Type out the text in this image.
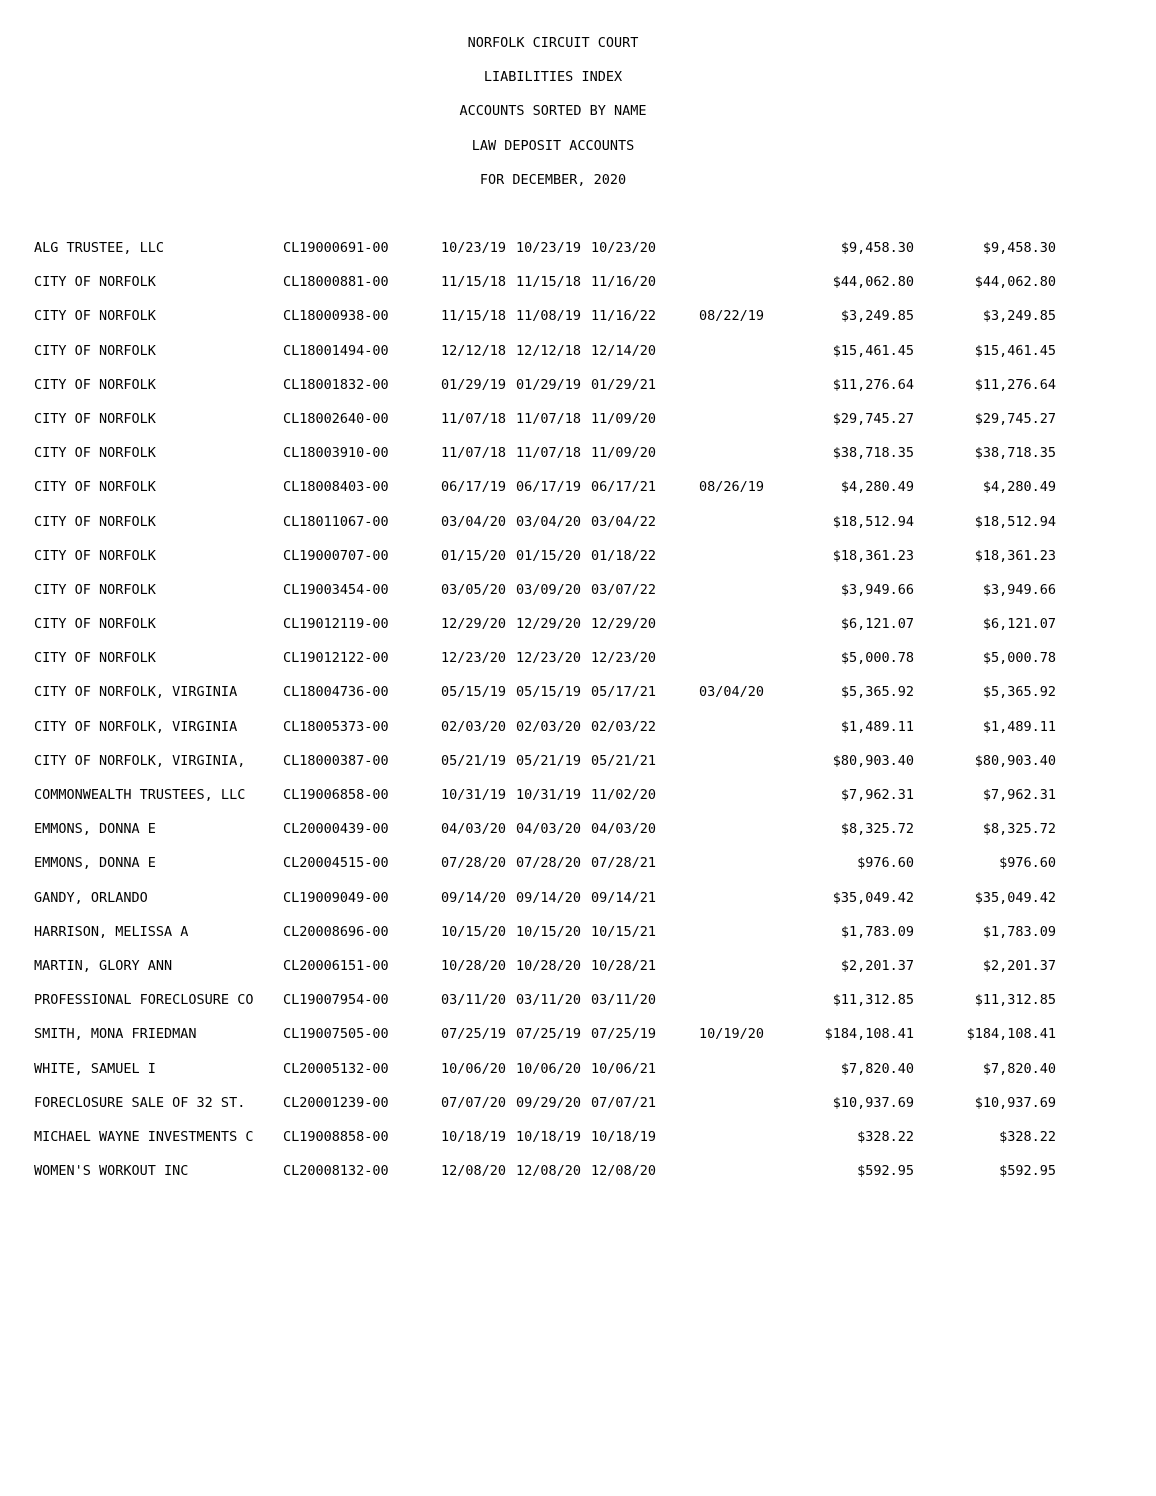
NORFOLK CIRCUIT COURT
LIABILITIES INDEX
ACCOUNTS SORTED BY NAME
LAW DEPOSIT ACCOUNTS
FOR DECEMBER, 2020
ALG TRUSTEE, LLC	CL19000691-00	10/23/19 10/23/19 10/23/20	$9,458.30	$9,458.30
CITY OF NORFOLK	CL18000881-00	11/15/18 11/15/18 11/16/20	$44,062.80	$44,062.80
CITY OF NORFOLK	CL18000938-00	11/15/18 11/08/19 11/16/22	08/22/19	$3,249.85	$3,249.85
CITY OF NORFOLK	CL18001494-00	12/12/18 12/12/18 12/14/20	$15,461.45	$15,461.45
CITY OF NORFOLK	CL18001832-00	01/29/19 01/29/19 01/29/21	$11,276.64	$11,276.64
CITY OF NORFOLK	CL18002640-00	11/07/18 11/07/18 11/09/20	$29,745.27	$29,745.27
CITY OF NORFOLK	CL18003910-00	11/07/18 11/07/18 11/09/20	$38,718.35	$38,718.35
CITY OF NORFOLK	CL18008403-00	06/17/19 06/17/19 06/17/21	08/26/19	$4,280.49	$4,280.49
CITY OF NORFOLK	CL18011067-00	03/04/20 03/04/20 03/04/22	$18,512.94	$18,512.94
CITY OF NORFOLK	CL19000707-00	01/15/20 01/15/20 01/18/22	$18,361.23	$18,361.23
CITY OF NORFOLK	CL19003454-00	03/05/20 03/09/20 03/07/22	$3,949.66	$3,949.66
CITY OF NORFOLK	CL19012119-00	12/29/20 12/29/20 12/29/20	$6,121.07	$6,121.07
CITY OF NORFOLK	CL19012122-00	12/23/20 12/23/20 12/23/20	$5,000.78	$5,000.78
CITY OF NORFOLK, VIRGINIA	CL18004736-00	05/15/19 05/15/19 05/17/21	03/04/20	$5,365.92	$5,365.92
CITY OF NORFOLK, VIRGINIA	CL18005373-00	02/03/20 02/03/20 02/03/22	$1,489.11	$1,489.11
CITY OF NORFOLK, VIRGINIA,	CL18000387-00	05/21/19 05/21/19 05/21/21	$80,903.40	$80,903.40
COMMONWEALTH TRUSTEES, LLC	CL19006858-00	10/31/19 10/31/19 11/02/20	$7,962.31	$7,962.31
EMMONS, DONNA E	CL20000439-00	04/03/20 04/03/20 04/03/20	$8,325.72	$8,325.72
EMMONS, DONNA E	CL20004515-00	07/28/20 07/28/20 07/28/21	$976.60	$976.60
GANDY, ORLANDO	CL19009049-00	09/14/20 09/14/20 09/14/21	$35,049.42	$35,049.42
HARRISON, MELISSA A	CL20008696-00	10/15/20 10/15/20 10/15/21	$1,783.09	$1,783.09
MARTIN, GLORY ANN	CL20006151-00	10/28/20 10/28/20 10/28/21	$2,201.37	$2,201.37
PROFESSIONAL FORECLOSURE CO CL19007954-00	03/11/20 03/11/20 03/11/20	$11,312.85	$11,312.85
SMITH, MONA FRIEDMAN	CL19007505-00	07/25/19 07/25/19 07/25/19	10/19/20	$184,108.41	$184,108.41
WHITE, SAMUEL I	CL20005132-00	10/06/20 10/06/20 10/06/21	$7,820.40	$7,820.40
FORECLOSURE SALE OF 32 ST.	CL20001239-00	07/07/20 09/29/20 07/07/21	$10,937.69	$10,937.69
MICHAEL WAYNE INVESTMENTS C CL19008858-00	10/18/19 10/18/19 10/18/19	$328.22	$328.22
WOMEN'S WORKOUT INC	CL20008132-00	12/08/20 12/08/20 12/08/20	$592.95	$592.95
